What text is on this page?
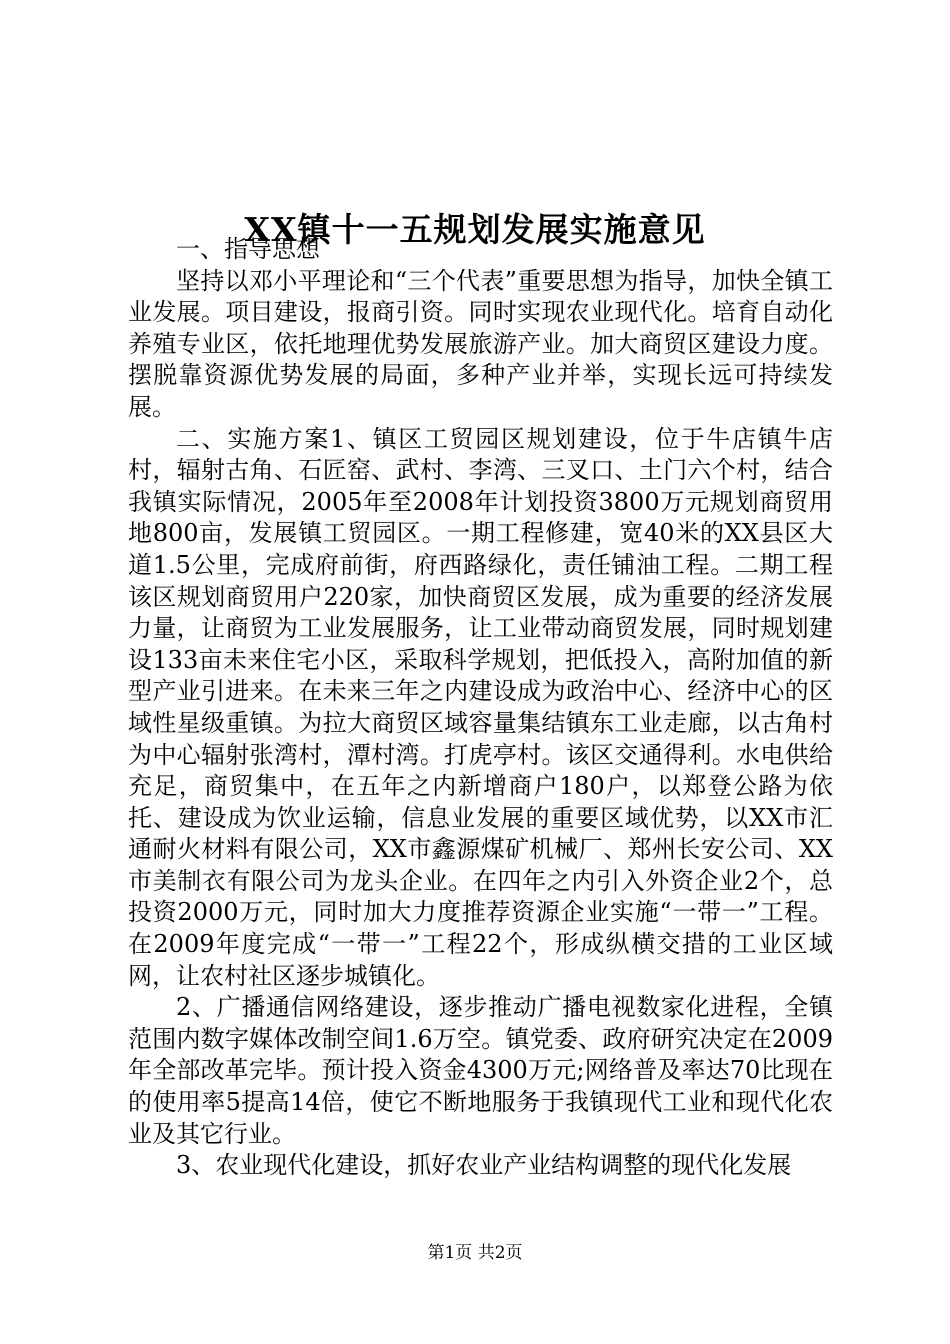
XX镇十一五规划发展实施意见

一、指导思想

坚持以邓小平理论和“三个代表”重要思想为指导，加快全镇工业发展。项目建设，报商引资。同时实现农业现代化。培育自动化养殖专业区，依托地理优势发展旅游产业。加大商贸区建设力度。摆脱靠资源优势发展的局面，多种产业并举，实现长远可持续发展。

二、实施方案1、镇区工贸园区规划建设，位于牛店镇牛店村，辐射古角、石匠窑、武村、李湾、三叉口、土门六个村，结合我镇实际情况，2005年至2008年计划投资3800万元规划商贸用地800亩，发展镇工贸园区。一期工程修建，宽40米的XX县区大道1.5公里，完成府前街，府西路绿化，责任铺油工程。二期工程该区规划商贸用户220家，加快商贸区发展，成为重要的经济发展力量，让商贸为工业发展服务，让工业带动商贸发展，同时规划建设133亩未来住宅小区，采取科学规划，把低投入，高附加值的新型产业引进来。在未来三年之内建设成为政治中心、经济中心的区域性星级重镇。为拉大商贸区域容量集结镇东工业走廊，以古角村为中心辐射张湾村，潭村湾。打虎亭村。该区交通得利。水电供给充足，商贸集中，在五年之内新增商户180户，以郑登公路为依托、建设成为饮业运输，信息业发展的重要区域优势，以XX市汇通耐火材料有限公司，XX市鑫源煤矿机械厂、郑州长安公司、XX市美制衣有限公司为龙头企业。在四年之内引入外资企业2个，总投资2000万元，同时加大力度推荐资源企业实施“一带一”工程。在2009年度完成“一带一”工程22个，形成纵横交措的工业区域网，让农村社区逐步城镇化。

2、广播通信网络建设，逐步推动广播电视数家化进程，全镇范围内数字媒体改制空间1.6万空。镇党委、政府研究决定在2009年全部改革完毕。预计投入资金4300万元;网络普及率达70比现在的使用率5提高14倍，使它不断地服务于我镇现代工业和现代化农业及其它行业。

3、农业现代化建设，抓好农业产业结构调整的现代化发展

第1页 共2页
